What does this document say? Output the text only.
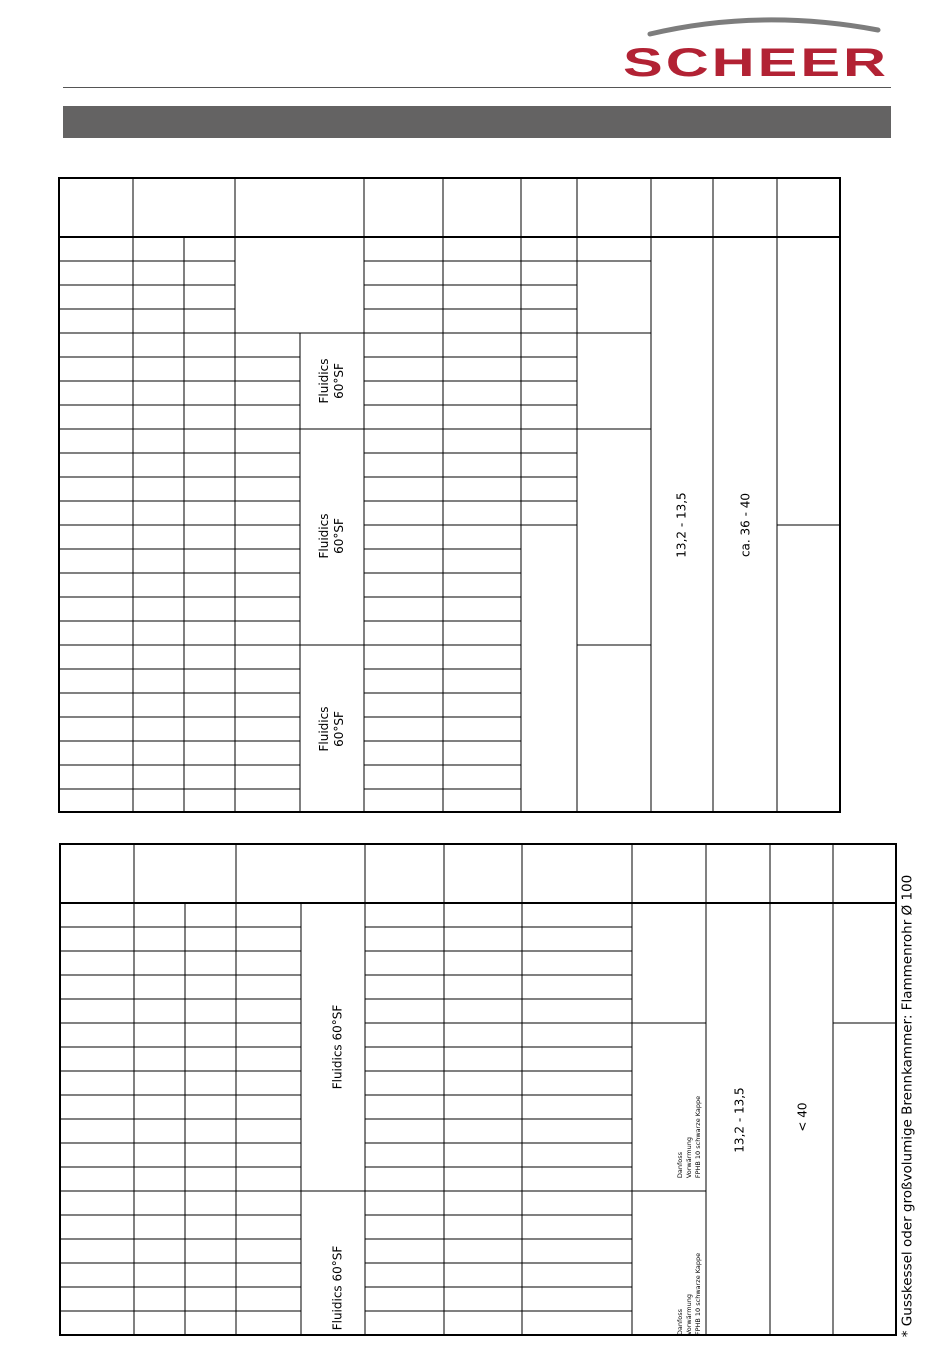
SCHEER
Fluidics 60°SF
Fluidics 60°SF
Fluidics 60°SF
13,2 - 13,5	ca. 36 - 40
Fluidics 60°SF
Fluidics 60°SF
Danfoss Vorwärmung FPHB 10 schwarze Kappe
Danfoss Vorwärmung FPHB 10 schwarze Kappe
13,2 - 13,5	< 40	* Gusskessel oder großvolumige Brennkammer: Flammenrohr Ø 100
